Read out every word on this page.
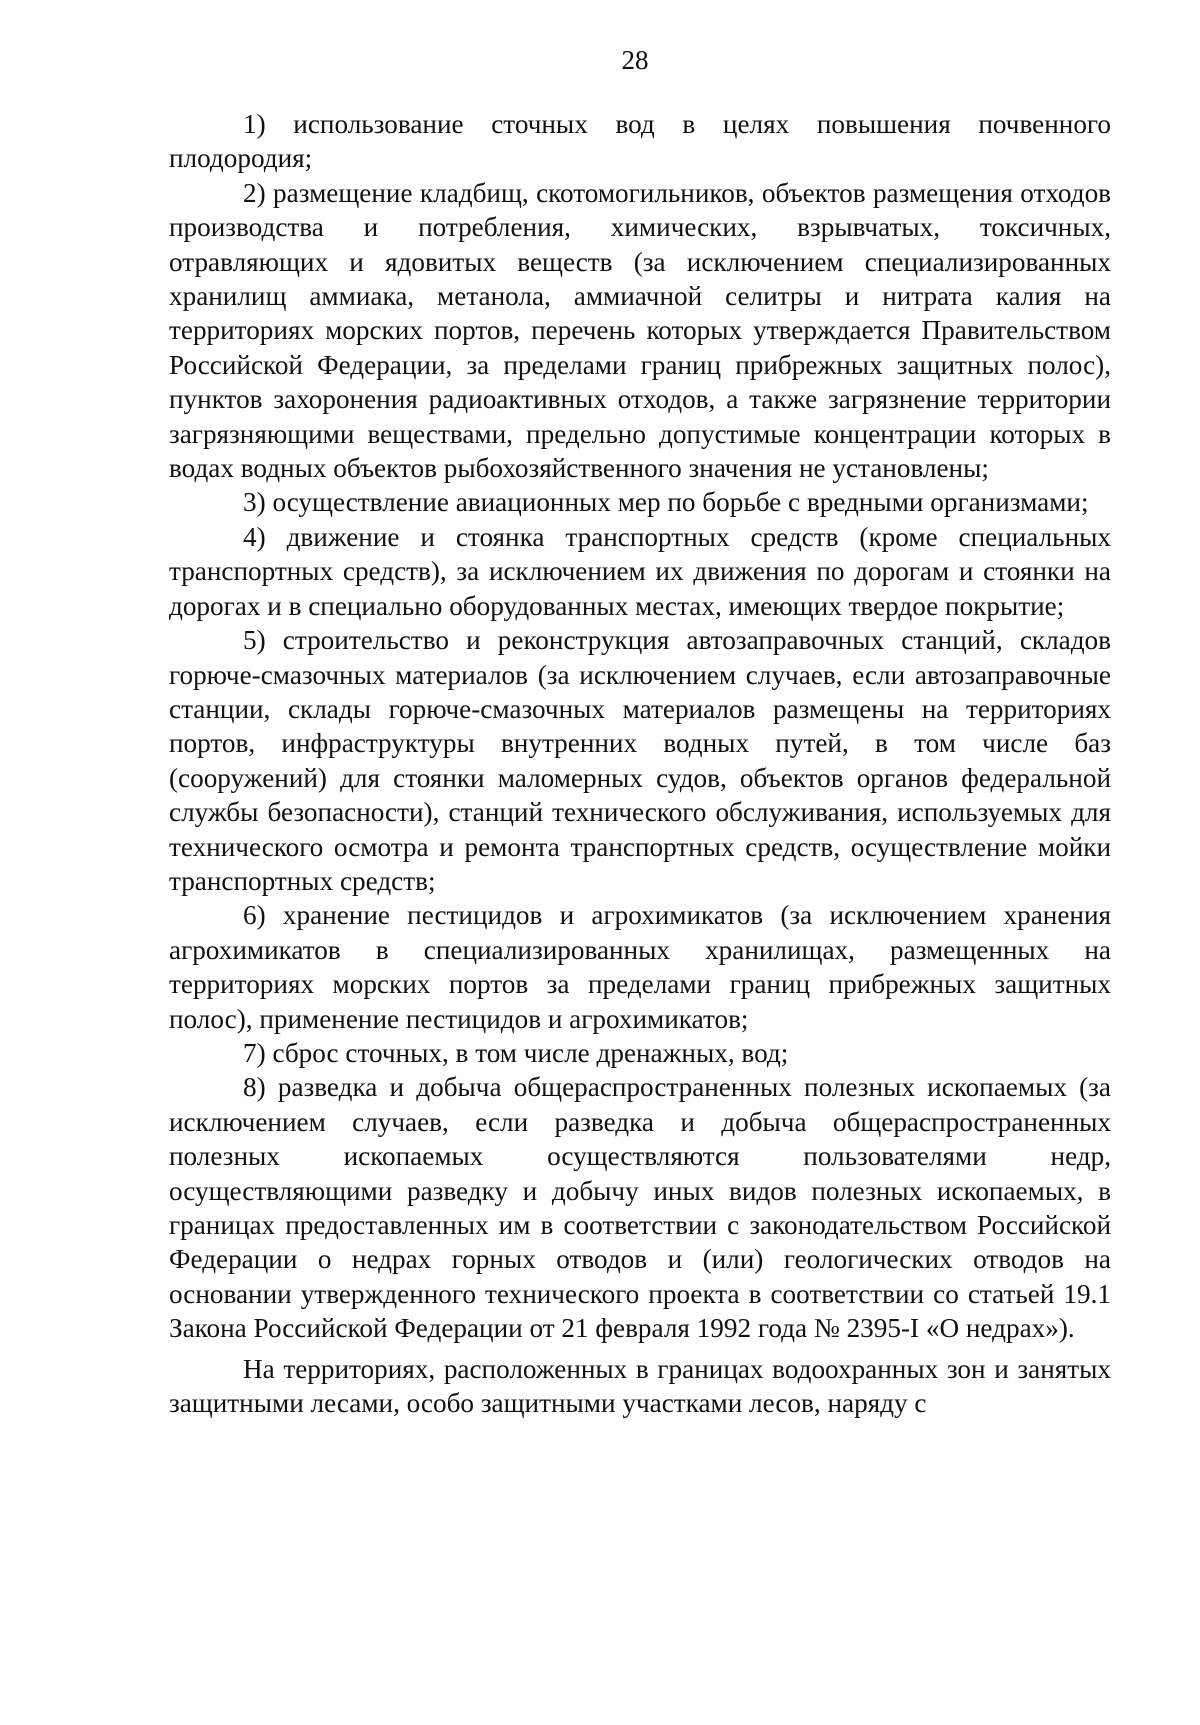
28

1) использование сточных вод в целях повышения почвенного плодородия;

2) размещение кладбищ, скотомогильников, объектов размещения отходов производства и потребления, химических, взрывчатых, токсичных, отравляющих и ядовитых веществ (за исключением специализированных хранилищ аммиака, метанола, аммиачной селитры и нитрата калия на территориях морских портов, перечень которых утверждается Правительством Российской Федерации, за пределами границ прибрежных защитных полос), пунктов захоронения радиоактивных отходов, а также загрязнение территории загрязняющими веществами, предельно допустимые концентрации которых в водах водных объектов рыбохозяйственного значения не установлены;

3) осуществление авиационных мер по борьбе с вредными организмами;

4) движение и стоянка транспортных средств (кроме специальных транспортных средств), за исключением их движения по дорогам и стоянки на дорогах и в специально оборудованных местах, имеющих твердое покрытие;

5) строительство и реконструкция автозаправочных станций, складов горюче-смазочных материалов (за исключением случаев, если автозаправочные станции, склады горюче-смазочных материалов размещены на территориях портов, инфраструктуры внутренних водных путей, в том числе баз (сооружений) для стоянки маломерных судов, объектов органов федеральной службы безопасности), станций технического обслуживания, используемых для технического осмотра и ремонта транспортных средств, осуществление мойки транспортных средств;

6) хранение пестицидов и агрохимикатов (за исключением хранения агрохимикатов в специализированных хранилищах, размещенных на территориях морских портов за пределами границ прибрежных защитных полос), применение пестицидов и агрохимикатов;

7) сброс сточных, в том числе дренажных, вод;

8) разведка и добыча общераспространенных полезных ископаемых (за исключением случаев, если разведка и добыча общераспространенных полезных ископаемых осуществляются пользователями недр, осуществляющими разведку и добычу иных видов полезных ископаемых, в границах предоставленных им в соответствии с законодательством Российской Федерации о недрах горных отводов и (или) геологических отводов на основании утвержденного технического проекта в соответствии со статьей 19.1 Закона Российской Федерации от 21 февраля 1992 года № 2395-I «О недрах»).

На территориях, расположенных в границах водоохранных зон и занятых защитными лесами, особо защитными участками лесов, наряду с
